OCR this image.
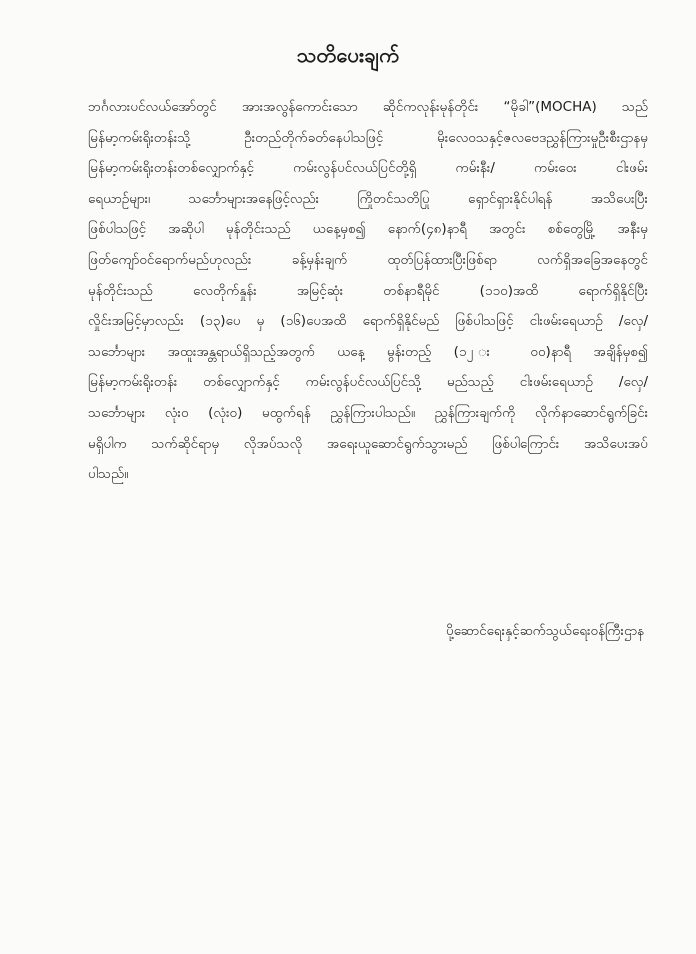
သတိပေးချက်
ဘင်္ဂလားပင်လယ်အော်တွင် အားအလွန်ကောင်းသော ဆိုင်ကလုန်းမုန်တိုင်း “မိုခါ”(MOCHA) သည်
မြန်မာ့ကမ်းရိုးတန်းသို့ ဦးတည်တိုက်ခတ်နေပါသဖြင့် မိုးလေဝသနှင့်ဇလဗေဒညွှန်ကြားမှုဦးစီးဌာနမှ
မြန်မာ့ကမ်းရိုးတန်းတစ်လျှောက်နှင့် ကမ်းလွန်ပင်လယ်ပြင်တို့ရှိ ကမ်းနီး/ ကမ်းဝေး ငါးဖမ်း
ရေယာဉ်များ၊ သင်္ဘောများအနေဖြင့်လည်း ကြိုတင်သတိပြု ရှောင်ရှားနိုင်ပါရန် အသိပေးပြီး
ဖြစ်ပါသဖြင့် အဆိုပါ မုန်တိုင်းသည် ယနေ့မှစ၍ နောက်(၄၈)နာရီ အတွင်း စစ်တွေမြို့ အနီးမှ
ဖြတ်ကျော်ဝင်ရောက်မည်ဟုလည်း ခန့်မှန်းချက် ထုတ်ပြန်ထားပြီးဖြစ်ရာ လက်ရှိအခြေအနေတွင်
မုန်တိုင်းသည် လေတိုက်နှုန်း အမြင့်ဆုံး တစ်နာရီမိုင် (၁၁၀)အထိ ရောက်ရှိနိုင်ပြီး
လှိုင်းအမြင့်မှာလည်း (၁၃)ပေ မှ (၁၆)ပေအထိ ရောက်ရှိနိုင်မည် ဖြစ်ပါသဖြင့် ငါးဖမ်းရေယာဉ် /လှေ/
သင်္ဘောများ အထူးအန္တရာယ်ရှိသည့်အတွက် ယနေ့ မွန်းတည့် (၁၂ း ၀၀)နာရီ အချိန်မှစ၍
မြန်မာ့ကမ်းရိုးတန်း တစ်လျှောက်နှင့် ကမ်းလွန်ပင်လယ်ပြင်သို့ မည်သည့် ငါးဖမ်းရေယာဉ် /လှေ/
သင်္ဘောများ လုံး၀ (လုံး၀) မထွက်ရန် ညွှန်ကြားပါသည်။ ညွှန်ကြားချက်ကို လိုက်နာဆောင်ရွက်ခြင်း
မရှိပါက သက်ဆိုင်ရာမှ လိုအပ်သလို အရေးယူဆောင်ရွက်သွားမည် ဖြစ်ပါကြောင်း အသိပေးအပ်
ပါသည်။
ပို့ဆောင်ရေးနှင့်ဆက်သွယ်ရေးဝန်ကြီးဌာန
